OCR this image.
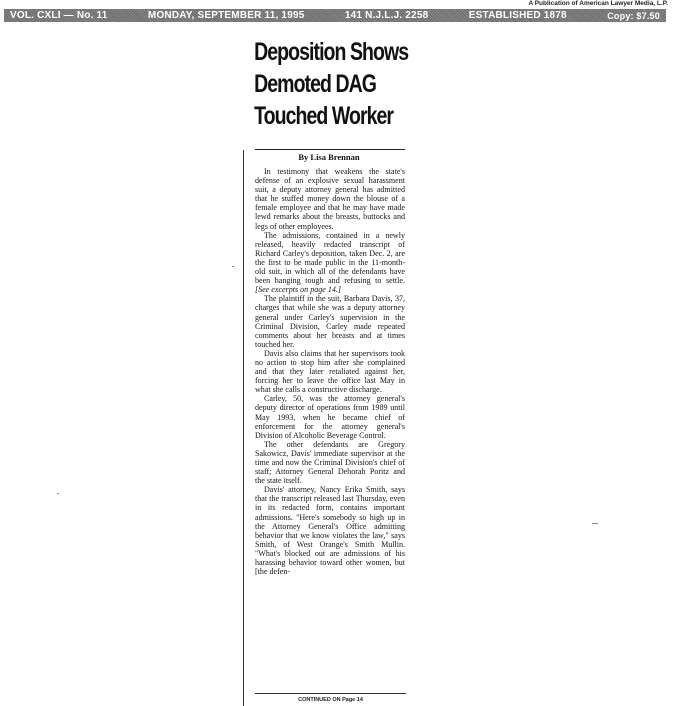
A Publication of American Lawyer Media, L.P.
VOL. CXLI — No. 11	MONDAY, SEPTEMBER 11, 1995	141 N.J.L.J. 2258	ESTABLISHED 1878	Copy: $7.50
Deposition Shows
Demoted DAG
Touched Worker
By Lisa Brennan

In testimony that weakens the state's defense of an explosive sexual harassment suit, a deputy attorney general has admitted that he stuffed money down the blouse of a female employee and that he may have made lewd remarks about the breasts, buttocks and legs of other employees.

The admissions, contained in a newly released, heavily redacted transcript of Richard Carley's deposition, taken Dec. 2, are the first to be made public in the 11-month-old suit, in which all of the defendants have been hanging tough and refusing to settle. [See excerpts on page 14.]

The plaintiff in the suit, Barbara Davis, 37, charges that while she was a deputy attorney general under Carley's supervision in the Criminal Division, Carley made repeated comments about her breasts and at times touched her.

Davis also claims that her supervisors took no action to stop him after she complained and that they later retaliated against her, forcing her to leave the office last May in what she calls a constructive discharge.

Carley, 50, was the attorney general's deputy director of operations from 1989 until May 1993, when he became chief of enforcement for the attorney general's Division of Alcoholic Beverage Control.

The other defendants are Gregory Sakowicz, Davis' immediate supervisor at the time and now the Criminal Division's chief of staff; Attorney General Deborah Poritz and the state itself.

Davis' attorney, Nancy Erika Smith, says that the transcript released last Thursday, even in its redacted form, contains important admissions. "Here's somebody so high up in the Attorney General's Office admitting behavior that we know violates the law," says Smith, of West Orange's Smith Mullin. "What's blocked out are admissions of his harassing behavior toward other women, but [the defen-

CONTINUED ON Page 14
